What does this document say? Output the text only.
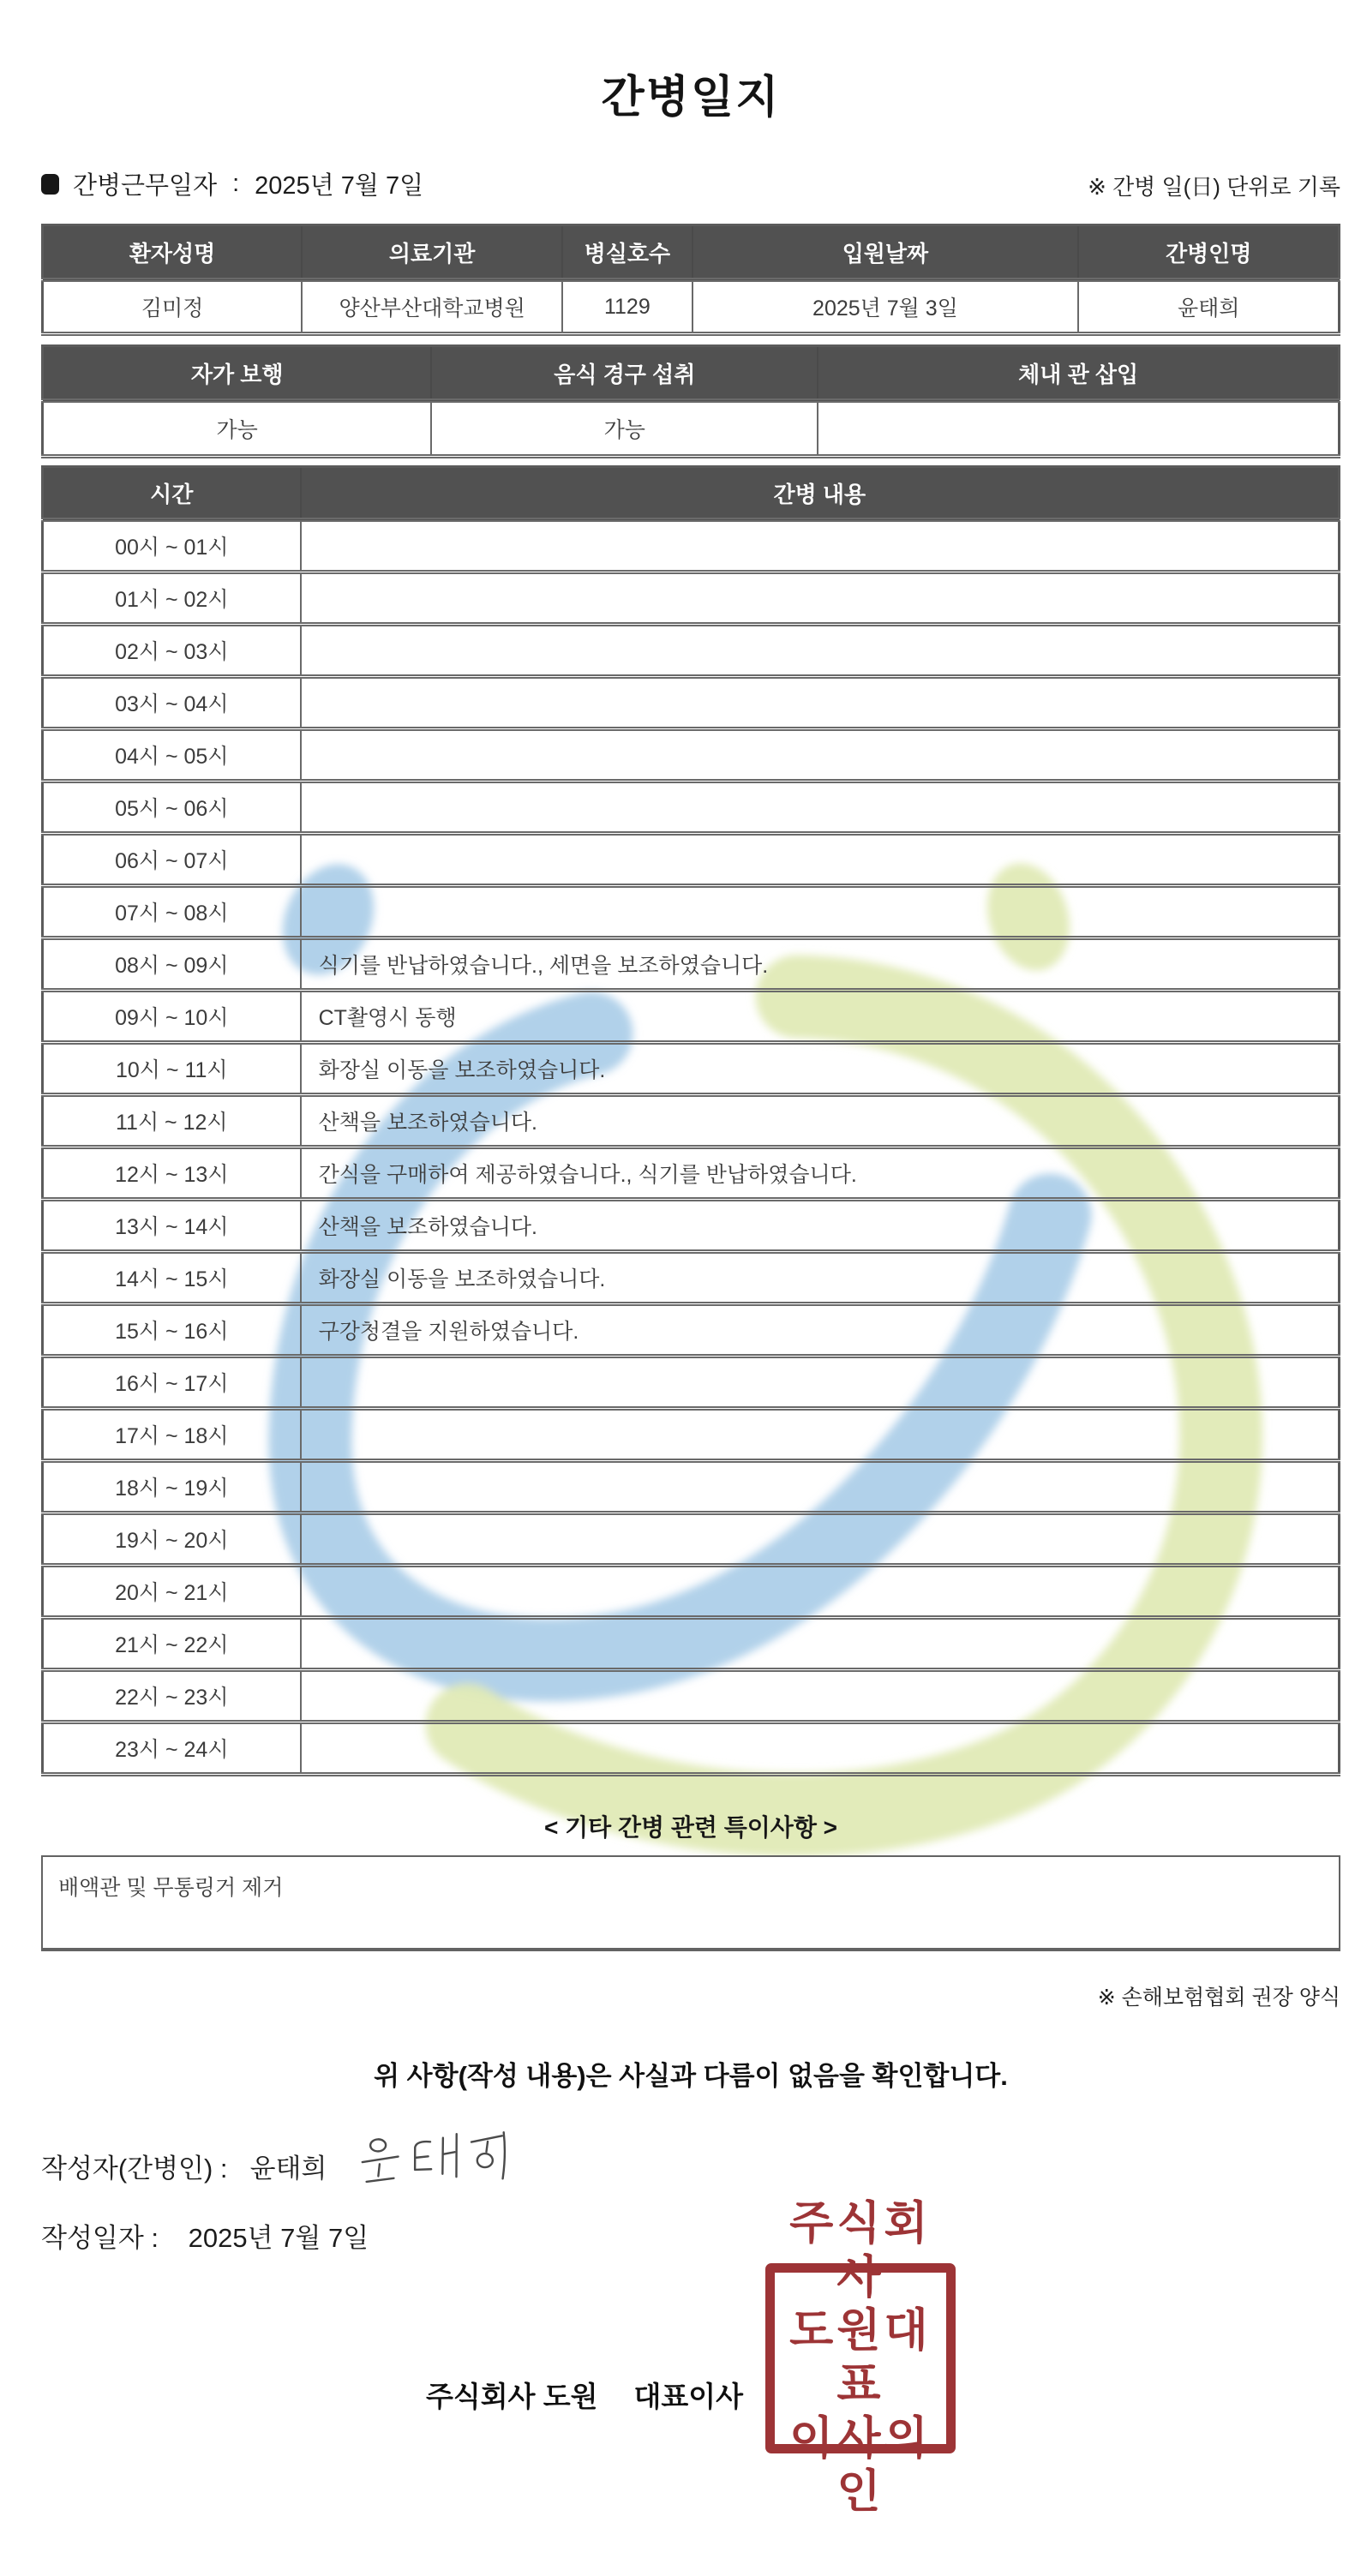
간병일지
간병근무일자 : 2025년 7월 7일	※ 간병 일(日) 단위로 기록
환자성명	의료기관	병실호수	입원날짜	간병인명
김미정	양산부산대학교병원	1129	2025년 7월 3일	윤태희
자가 보행	음식 경구 섭취	체내 관 삽입
가능	가능	
시간	간병 내용
00시 ~ 01시	
01시 ~ 02시	
02시 ~ 03시	
03시 ~ 04시	
04시 ~ 05시	
05시 ~ 06시	
06시 ~ 07시	
07시 ~ 08시	
08시 ~ 09시	식기를 반납하였습니다., 세면을 보조하였습니다.
09시 ~ 10시	CT촬영시 동행
10시 ~ 11시	화장실 이동을 보조하였습니다.
11시 ~ 12시	산책을 보조하였습니다.
12시 ~ 13시	간식을 구매하여 제공하였습니다., 식기를 반납하였습니다.
13시 ~ 14시	산책을 보조하였습니다.
14시 ~ 15시	화장실 이동을 보조하였습니다.
15시 ~ 16시	구강청결을 지원하였습니다.
16시 ~ 17시	
17시 ~ 18시	
18시 ~ 19시	
19시 ~ 20시	
20시 ~ 21시	
21시 ~ 22시	
22시 ~ 23시	
23시 ~ 24시	
< 기타 간병 관련 특이사항 >
배액관 및 무통링거 제거
※ 손해보험협회 권장 양식
위 사항(작성 내용)은 사실과 다름이 없음을 확인합니다.
작성자(간병인) : 윤태희
작성일자 : 2025년 7월 7일
주식회사 도원 대표이사
주식회사
도원대표
이사의인
